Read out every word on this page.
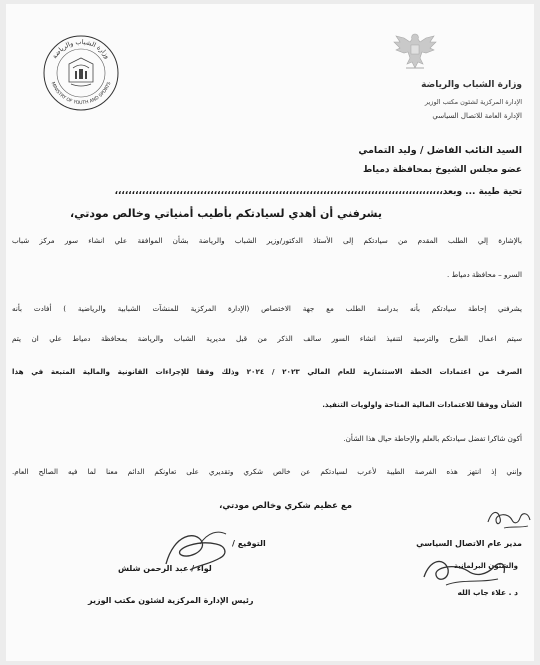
وزارة الشباب والرياضة
MINISTRY OF YOUTH AND SPORTS	وزارة الشباب والرياضة
الإدارة المركزية لشئون مكتب الوزير
الإدارة العامة للاتصال السياسي
السيد النائب الفاضل / وليد التمامي
عضو مجلس الشيوخ بمحافظة دمياط
تحية طيبة ... وبعد،،،،،،،،،،،،،،،،،،،،،،،،،،،،،،،،،،،،،،،،،،،،،،،،،،،،،،،،،،،،،،،،،،،،،،،،،،،،،،،،،،،،،،،،،،،،،،،،
يشرفني أن أهدي لسيادتكم بأطيب أمنياتي وخالص مودتي،
بالإشارة إلي الطلب المقدم من سيادتكم إلى الأستاذ الدكتور/وزير الشباب والرياضة بشأن الموافقة علي انشاء سور مركز شباب
السرو – محافظة دمياط .
يشرفني إحاطة سيادتكم بأنه بدراسة الطلب مع جهة الاختصاص (الإدارة المركزية للمنشآت الشبابية والرياضية ) أفادت بأنه
سيتم اعمال الطرح والترسية لتنفيذ انشاء السور سالف الذكر من قبل مديرية الشباب والرياضة بمحافظة دمياط علي ان يتم
الصرف من اعتمادات الخطة الاستثمارية للعام المالي ٢٠٢٣ / ٢٠٢٤ وذلك وفقا للإجراءات القانونية والمالية المتبعة في هذا
الشأن ووفقا للاعتمادات المالية المتاحة واولويات التنفيذ.
أكون شاكرا تفضل سيادتكم بالعلم والإحاطة حيال هذا الشأن.
وإنني إذ انتهز هذه الفرصة الطيبة لأعرب لسيادتكم عن خالص شكري وتقديري على تعاونكم الدائم معنا لما فيه الصالح العام.
مع عظيم شكري وخالص مودتي،
مدير عام الاتصال السياسي
والشئون البرلمانية
د . علاء جاب الله
التوقيع /
لواء / عبد الرحمن شلش
رئيس الإدارة المركزية لشئون مكتب الوزير
